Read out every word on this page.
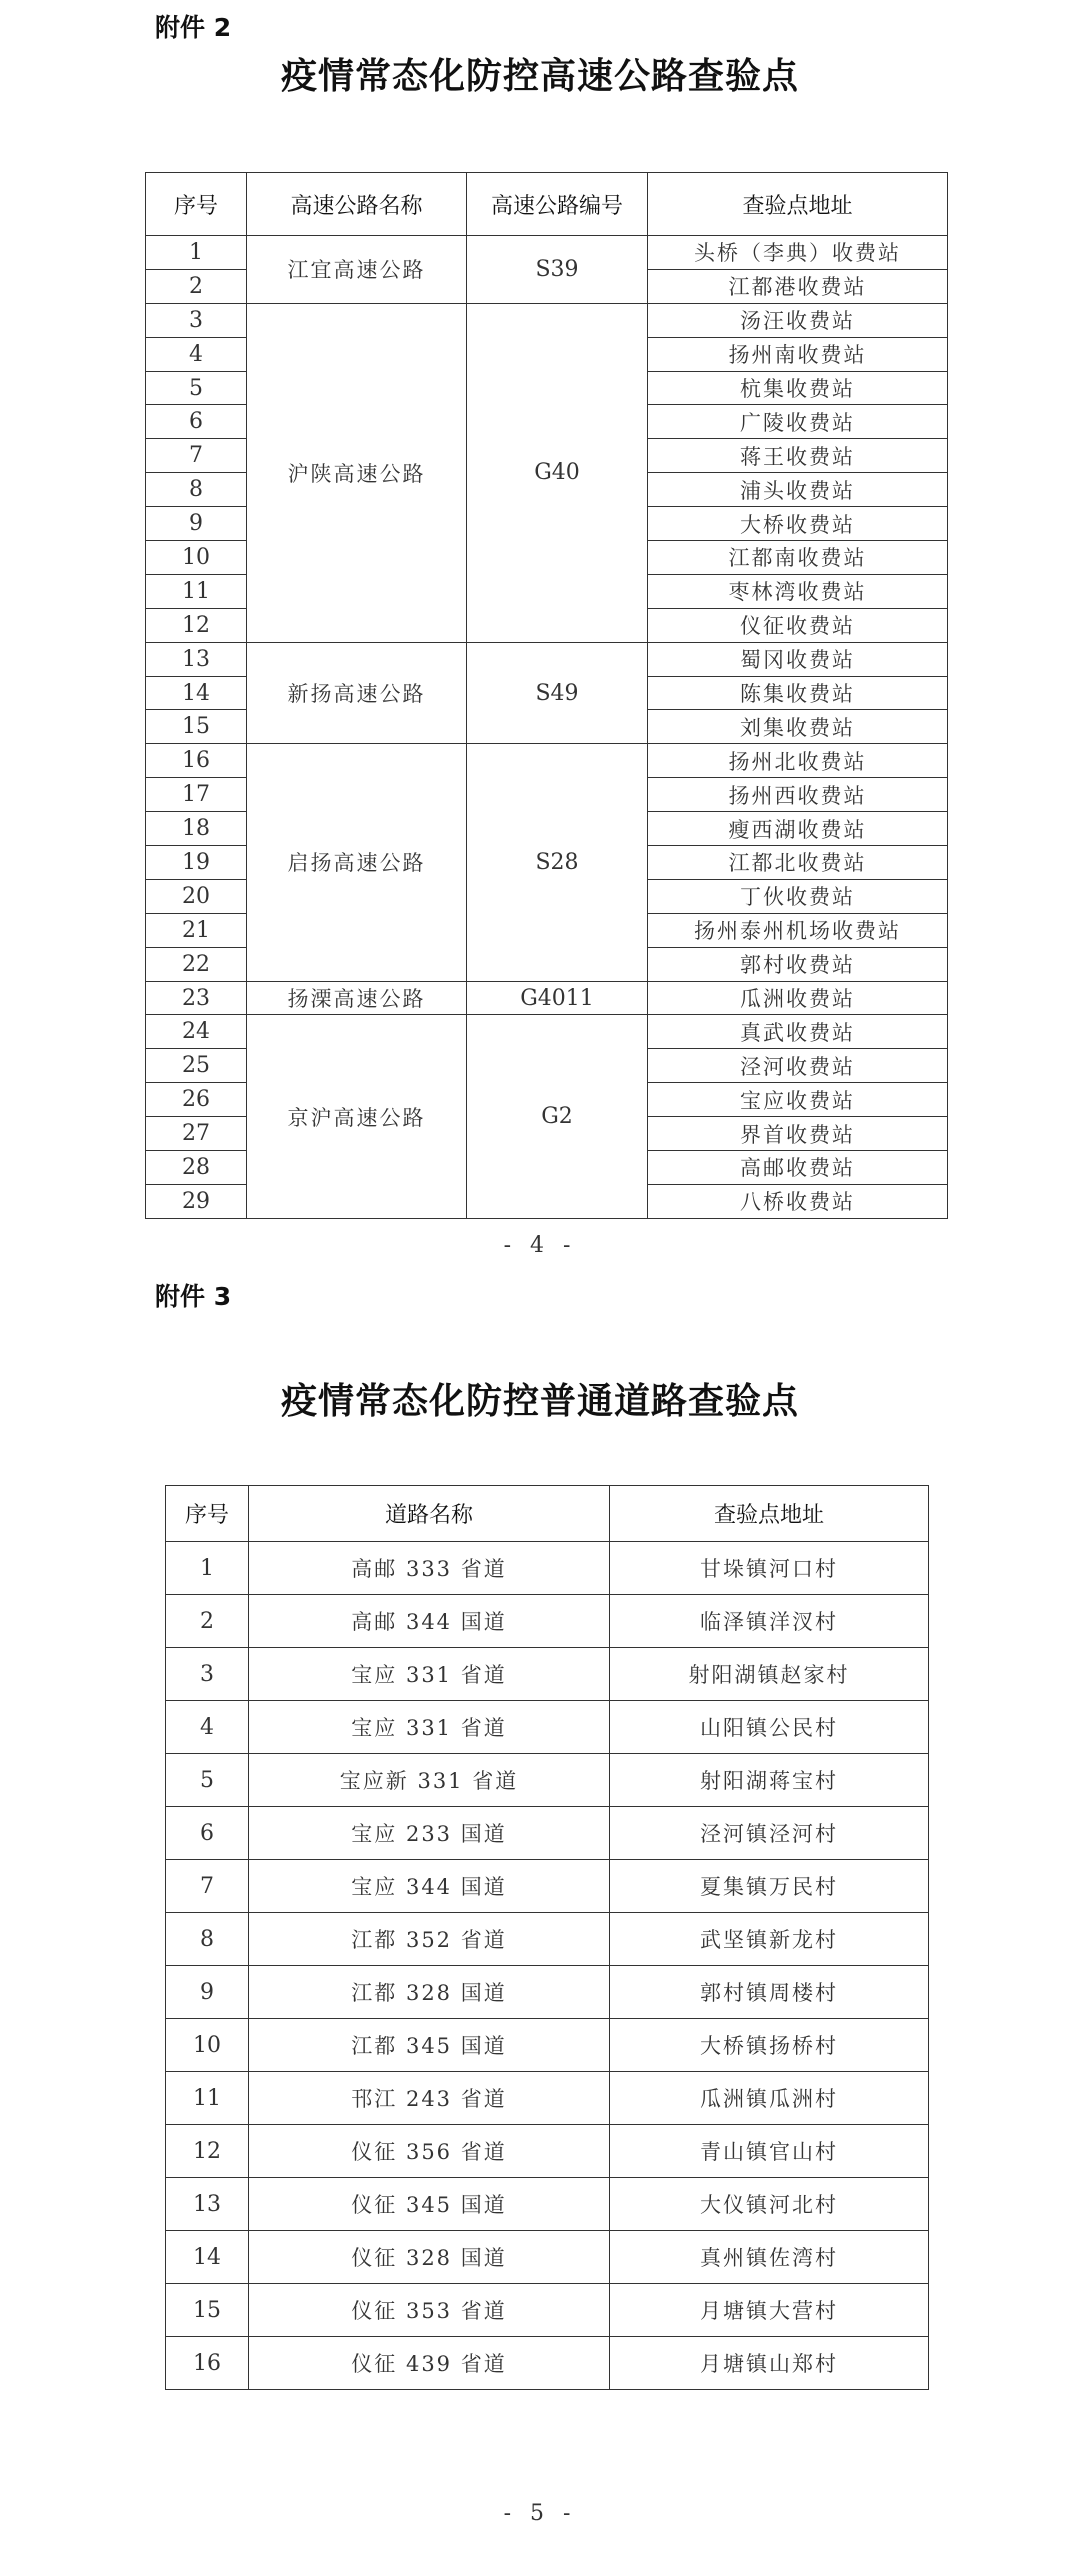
附件 2
疫情常态化防控高速公路查验点
序号	高速公路名称	高速公路编号	查验点地址
1	江宜高速公路	S39	头桥（李典）收费站
2			江都港收费站
3	沪陕高速公路	G40	汤汪收费站
4			扬州南收费站
5			杭集收费站
6			广陵收费站
7			蒋王收费站
8			浦头收费站
9			大桥收费站
10			江都南收费站
11			枣林湾收费站
12			仪征收费站
13	新扬高速公路	S49	蜀冈收费站
14			陈集收费站
15			刘集收费站
16	启扬高速公路	S28	扬州北收费站
17			扬州西收费站
18			瘦西湖收费站
19			江都北收费站
20			丁伙收费站
21			扬州泰州机场收费站
22			郭村收费站
23	扬溧高速公路	G4011	瓜洲收费站
24	京沪高速公路	G2	真武收费站
25			泾河收费站
26			宝应收费站
27			界首收费站
28			高邮收费站
29			八桥收费站
- 4 -
附件 3
疫情常态化防控普通道路查验点
序号	道路名称	查验点地址
1	高邮 333 省道	甘垛镇河口村
2	高邮 344 国道	临泽镇洋汊村
3	宝应 331 省道	射阳湖镇赵家村
4	宝应 331 省道	山阳镇公民村
5	宝应新 331 省道	射阳湖蒋宝村
6	宝应 233 国道	泾河镇泾河村
7	宝应 344 国道	夏集镇万民村
8	江都 352 省道	武坚镇新龙村
9	江都 328 国道	郭村镇周楼村
10	江都 345 国道	大桥镇扬桥村
11	邗江 243 省道	瓜洲镇瓜洲村
12	仪征 356 省道	青山镇官山村
13	仪征 345 国道	大仪镇河北村
14	仪征 328 国道	真州镇佐湾村
15	仪征 353 省道	月塘镇大营村
16	仪征 439 省道	月塘镇山郑村
- 5 -
